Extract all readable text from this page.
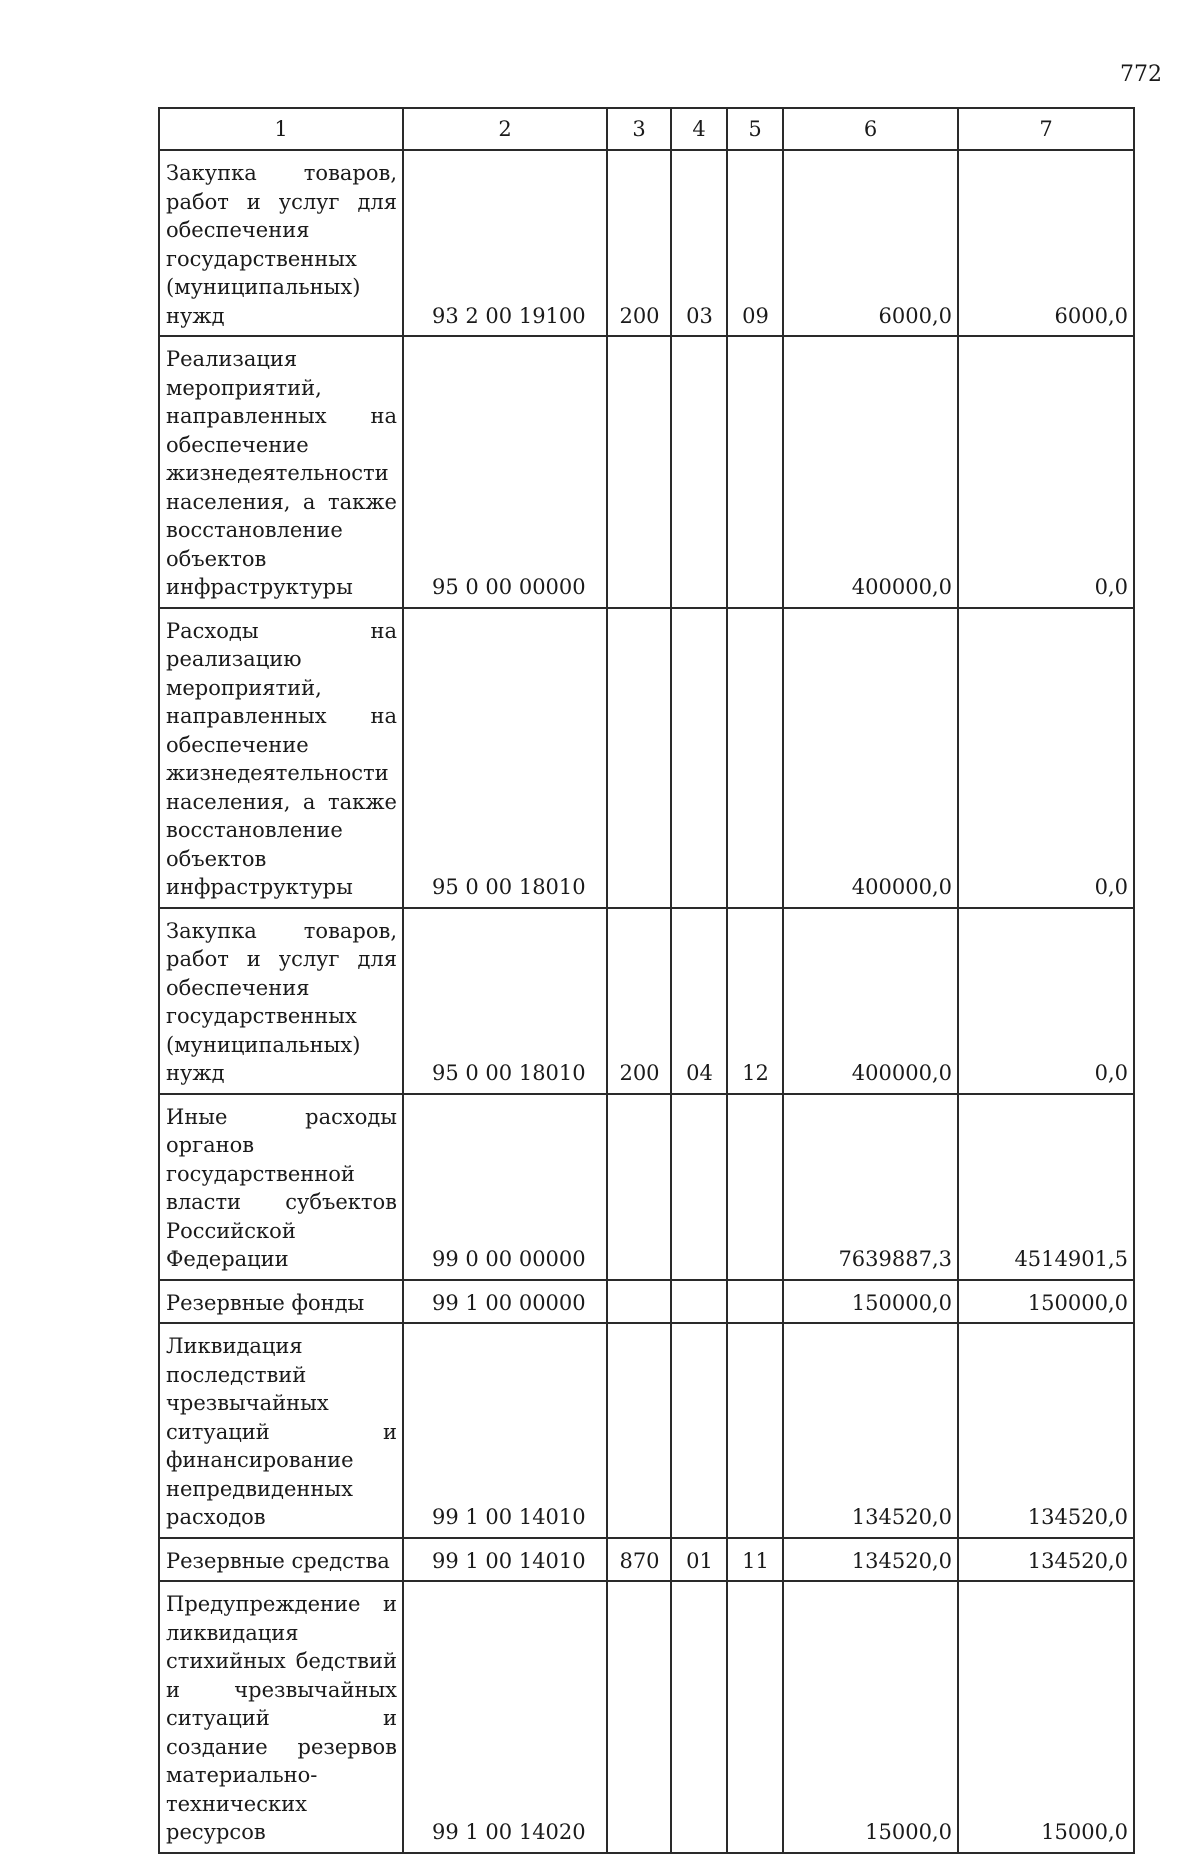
772
1	2	3	4	5	6	7
Закупка товаров, работ и услуг для обеспечения государственных (муниципальных) нужд	93 2 00 19100	200	03	09	6000,0	6000,0
Реализация мероприятий, направленных на обеспечение жизнедеятельности населения, а также восстановление объектов инфраструктуры	95 0 00 00000				400000,0	0,0
Расходы на реализацию мероприятий, направленных на обеспечение жизнедеятельности населения, а также восстановление объектов инфраструктуры	95 0 00 18010				400000,0	0,0
Закупка товаров, работ и услуг для обеспечения государственных (муниципальных) нужд	95 0 00 18010	200	04	12	400000,0	0,0
Иные расходы органов государственной власти субъектов Российской Федерации	99 0 00 00000				7639887,3	4514901,5
Резервные фонды	99 1 00 00000				150000,0	150000,0
Ликвидация последствий чрезвычайных ситуаций и финансирование непредвиденных расходов	99 1 00 14010				134520,0	134520,0
Резервные средства	99 1 00 14010	870	01	11	134520,0	134520,0
Предупреждение и ликвидация стихийных бедствий и чрезвычайных ситуаций и создание резервов материально-технических ресурсов	99 1 00 14020				15000,0	15000,0
